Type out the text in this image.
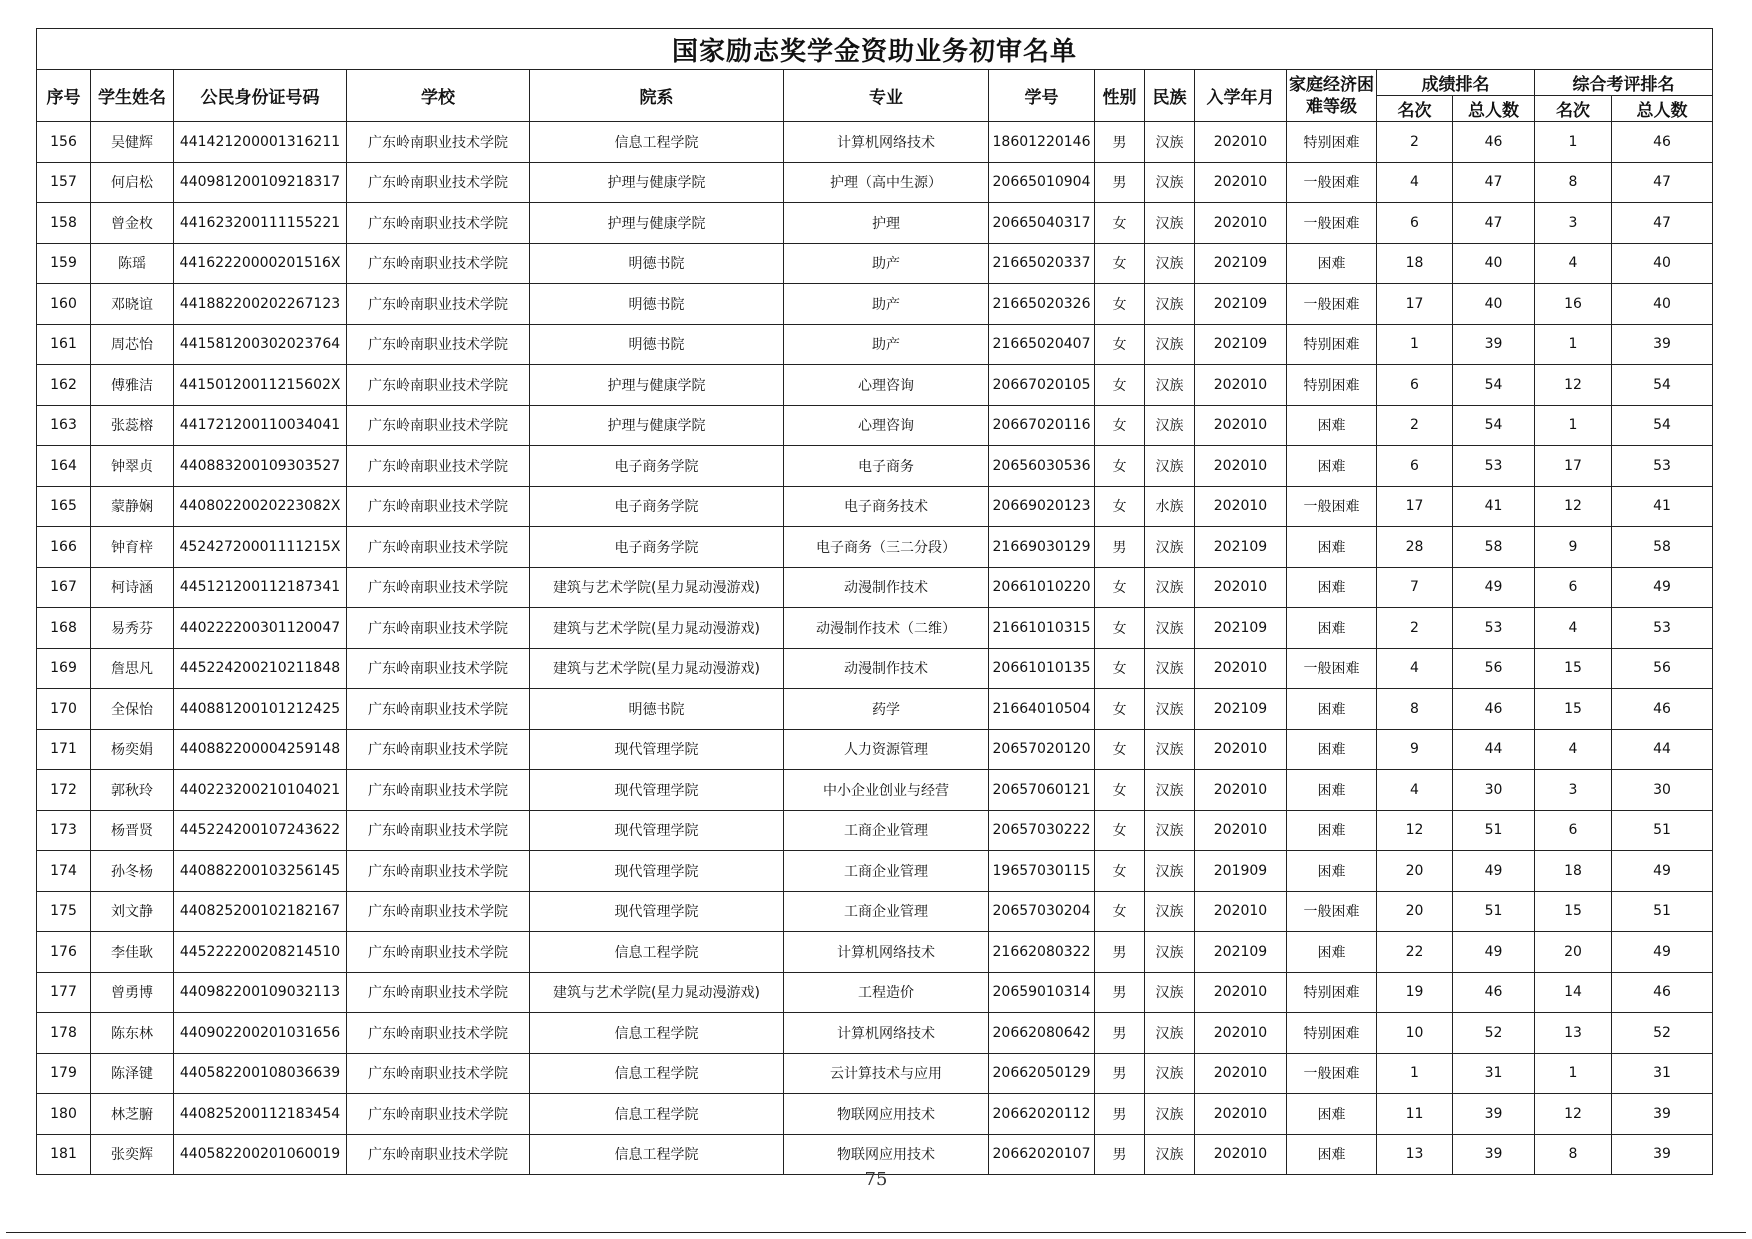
国家励志奖学金资助业务初审名单														
序号	学生姓名	公民身份证号码	学校	院系	专业	学号	性别	民族	入学年月	家庭经济困难等级	成绩排名		综合考评排名	
											名次	总人数	名次	总人数
156	吴健辉	441421200001316211	广东岭南职业技术学院	信息工程学院	计算机网络技术	18601220146	男	汉族	202010	特别困难	2	46	1	46
157	何启松	440981200109218317	广东岭南职业技术学院	护理与健康学院	护理（高中生源）	20665010904	男	汉族	202010	一般困难	4	47	8	47
158	曾金枚	441623200111155221	广东岭南职业技术学院	护理与健康学院	护理	20665040317	女	汉族	202010	一般困难	6	47	3	47
159	陈瑶	44162220000201516X	广东岭南职业技术学院	明德书院	助产	21665020337	女	汉族	202109	困难	18	40	4	40
160	邓晓谊	441882200202267123	广东岭南职业技术学院	明德书院	助产	21665020326	女	汉族	202109	一般困难	17	40	16	40
161	周芯怡	441581200302023764	广东岭南职业技术学院	明德书院	助产	21665020407	女	汉族	202109	特别困难	1	39	1	39
162	傅雅洁	44150120011215602X	广东岭南职业技术学院	护理与健康学院	心理咨询	20667020105	女	汉族	202010	特别困难	6	54	12	54
163	张蕊榕	441721200110034041	广东岭南职业技术学院	护理与健康学院	心理咨询	20667020116	女	汉族	202010	困难	2	54	1	54
164	钟翠贞	440883200109303527	广东岭南职业技术学院	电子商务学院	电子商务	20656030536	女	汉族	202010	困难	6	53	17	53
165	蒙静娴	44080220020223082X	广东岭南职业技术学院	电子商务学院	电子商务技术	20669020123	女	水族	202010	一般困难	17	41	12	41
166	钟育梓	45242720001111215X	广东岭南职业技术学院	电子商务学院	电子商务（三二分段）	21669030129	男	汉族	202109	困难	28	58	9	58
167	柯诗涵	445121200112187341	广东岭南职业技术学院	建筑与艺术学院(星力晁动漫游戏)	动漫制作技术	20661010220	女	汉族	202010	困难	7	49	6	49
168	易秀芬	440222200301120047	广东岭南职业技术学院	建筑与艺术学院(星力晁动漫游戏)	动漫制作技术（二维）	21661010315	女	汉族	202109	困难	2	53	4	53
169	詹思凡	445224200210211848	广东岭南职业技术学院	建筑与艺术学院(星力晁动漫游戏)	动漫制作技术	20661010135	女	汉族	202010	一般困难	4	56	15	56
170	全保怡	440881200101212425	广东岭南职业技术学院	明德书院	药学	21664010504	女	汉族	202109	困难	8	46	15	46
171	杨奕娟	440882200004259148	广东岭南职业技术学院	现代管理学院	人力资源管理	20657020120	女	汉族	202010	困难	9	44	4	44
172	郭秋玲	440223200210104021	广东岭南职业技术学院	现代管理学院	中小企业创业与经营	20657060121	女	汉族	202010	困难	4	30	3	30
173	杨晋贤	445224200107243622	广东岭南职业技术学院	现代管理学院	工商企业管理	20657030222	女	汉族	202010	困难	12	51	6	51
174	孙冬杨	440882200103256145	广东岭南职业技术学院	现代管理学院	工商企业管理	19657030115	女	汉族	201909	困难	20	49	18	49
175	刘文静	440825200102182167	广东岭南职业技术学院	现代管理学院	工商企业管理	20657030204	女	汉族	202010	一般困难	20	51	15	51
176	李佳耿	445222200208214510	广东岭南职业技术学院	信息工程学院	计算机网络技术	21662080322	男	汉族	202109	困难	22	49	20	49
177	曾勇博	440982200109032113	广东岭南职业技术学院	建筑与艺术学院(星力晁动漫游戏)	工程造价	20659010314	男	汉族	202010	特别困难	19	46	14	46
178	陈东林	440902200201031656	广东岭南职业技术学院	信息工程学院	计算机网络技术	20662080642	男	汉族	202010	特别困难	10	52	13	52
179	陈泽键	440582200108036639	广东岭南职业技术学院	信息工程学院	云计算技术与应用	20662050129	男	汉族	202010	一般困难	1	31	1	31
180	林芝腑	440825200112183454	广东岭南职业技术学院	信息工程学院	物联网应用技术	20662020112	男	汉族	202010	困难	11	39	12	39
181	张奕辉	440582200201060019	广东岭南职业技术学院	信息工程学院	物联网应用技术	20662020107	男	汉族	202010	困难	13	39	8	39
75
